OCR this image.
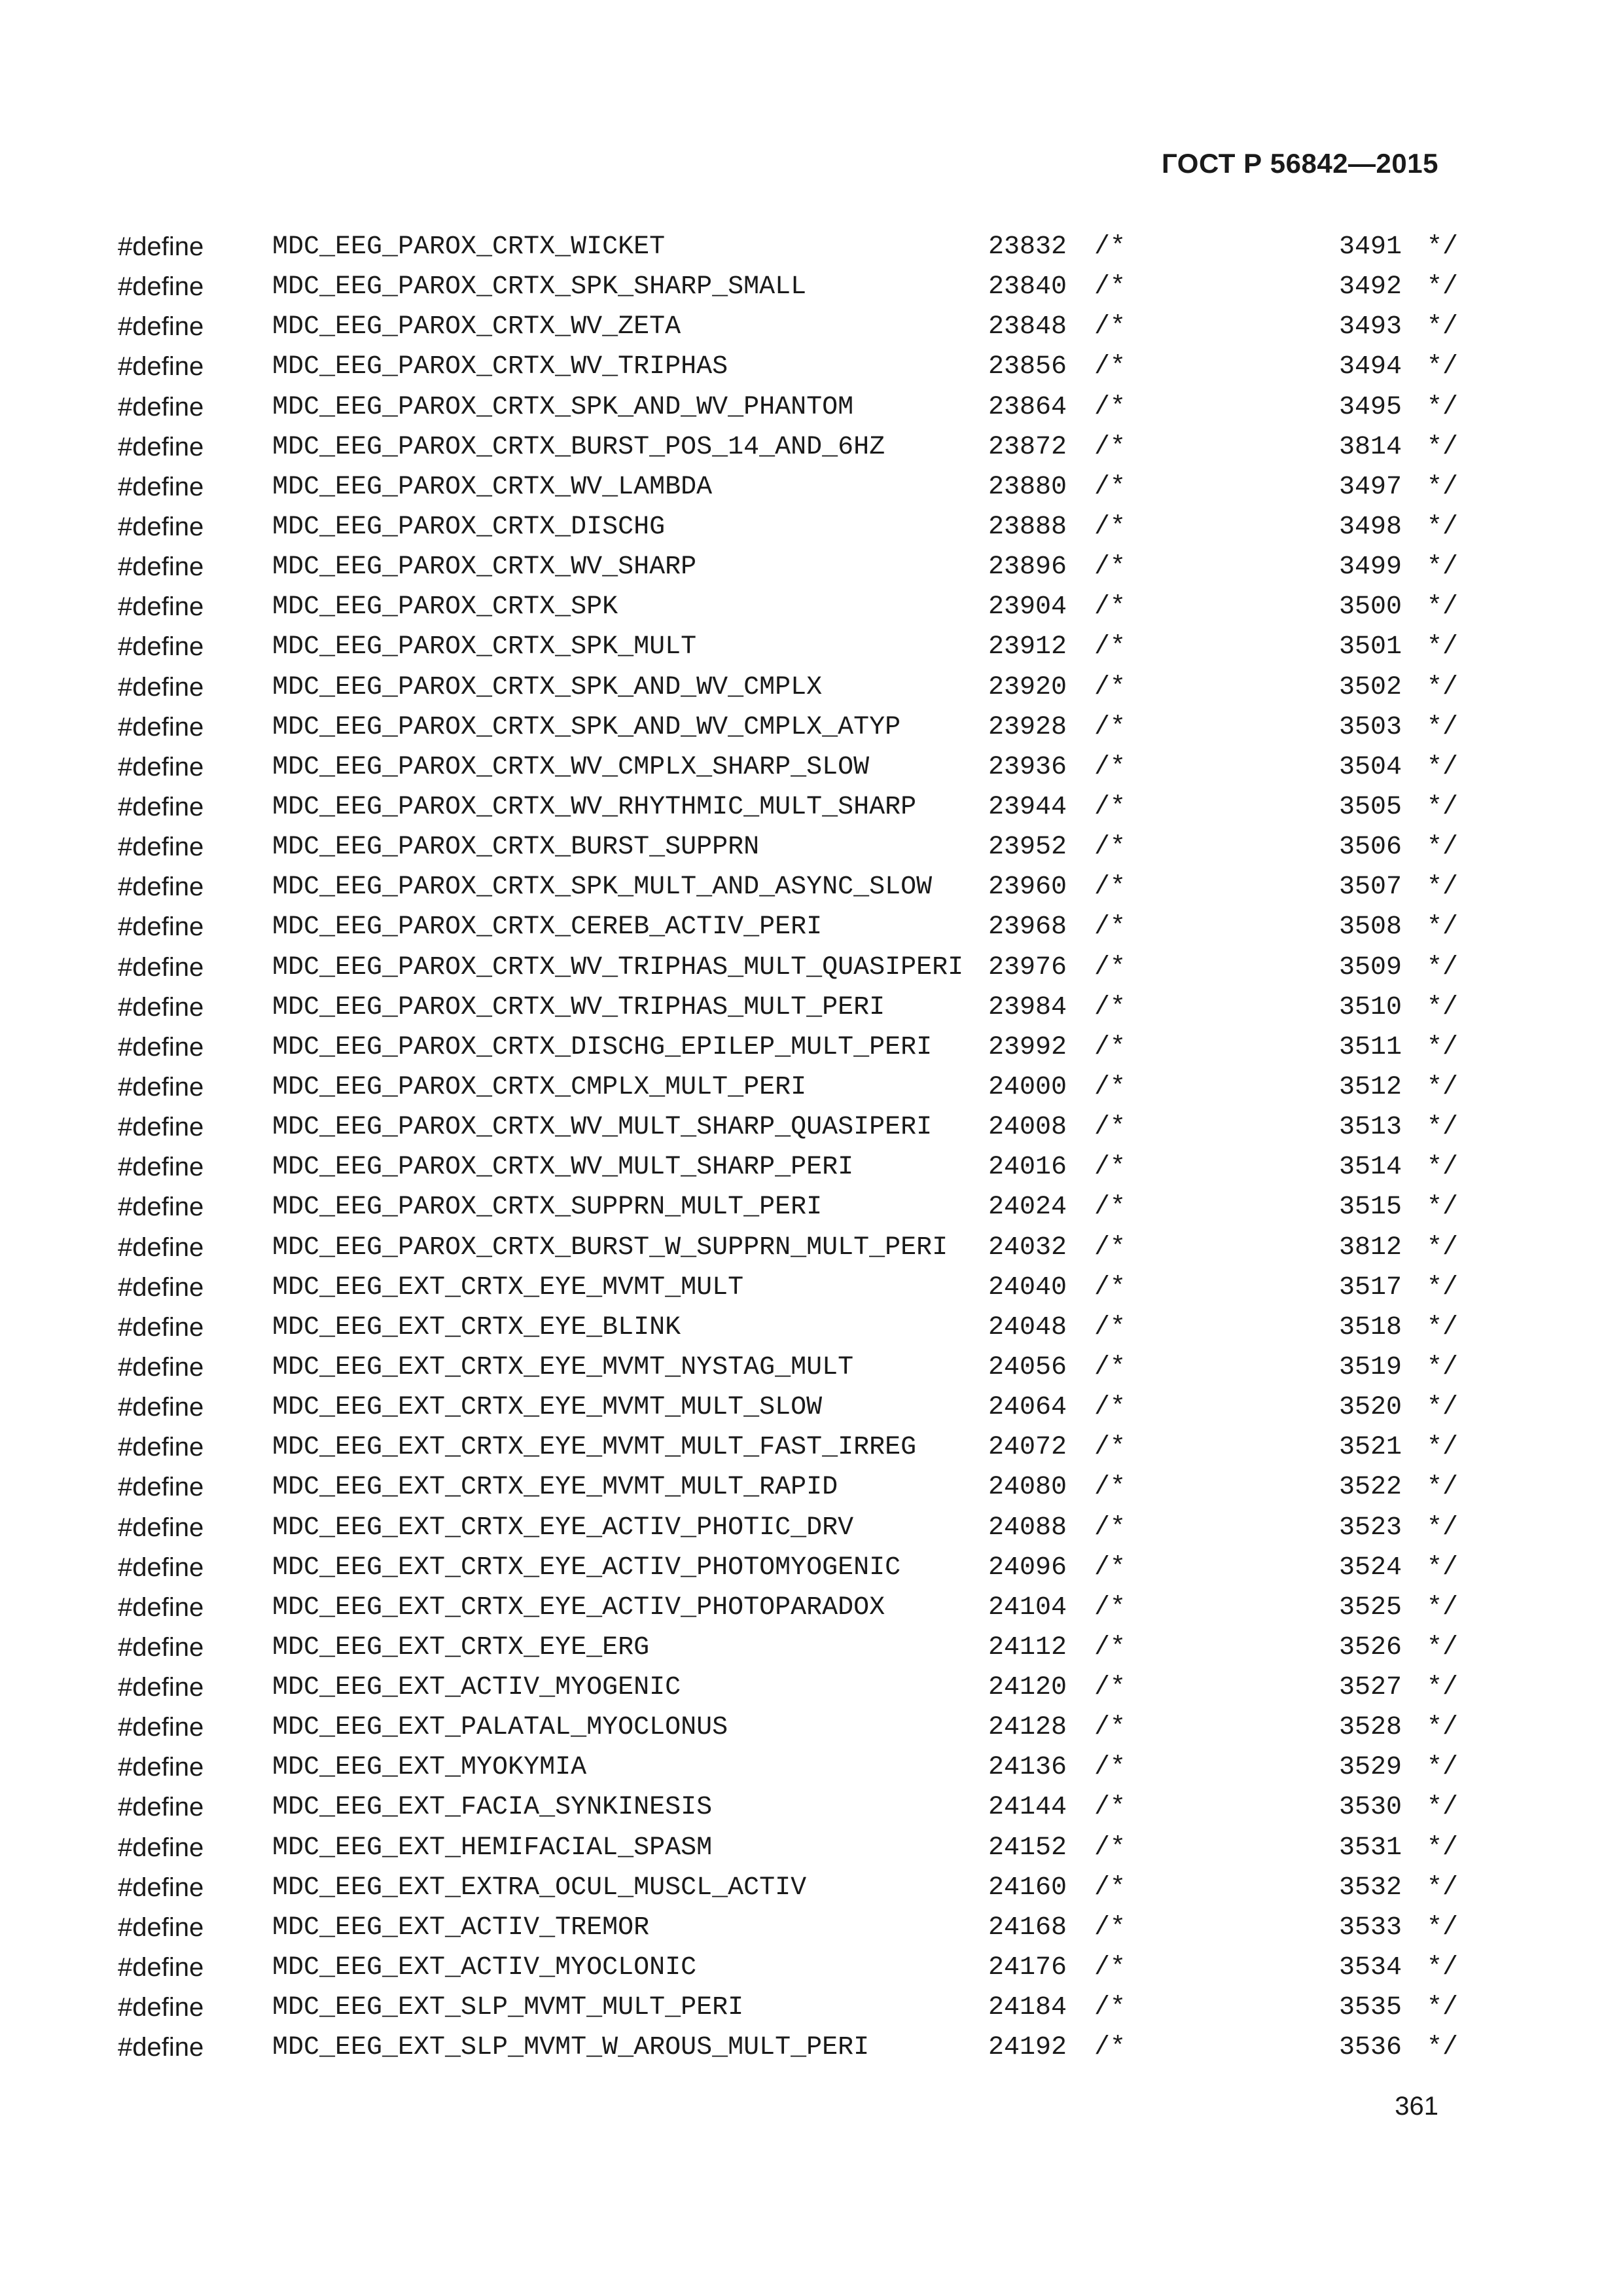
ГОСТ Р 56842—2015
#define	MDC_EEG_PAROX_CRTX_WICKET	23832 /*	3491 */
#define	MDC_EEG_PAROX_CRTX_SPK_SHARP_SMALL	23840 /*	3492 */
#define	MDC_EEG_PAROX_CRTX_WV_ZETA	23848 /*	3493 */
#define	MDC_EEG_PAROX_CRTX_WV_TRIPHAS	23856 /*	3494 */
#define	MDC_EEG_PAROX_CRTX_SPK_AND_WV_PHANTOM	23864 /*	3495 */
#define	MDC_EEG_PAROX_CRTX_BURST_POS_14_AND_6HZ	23872 /*	3814 */
#define	MDC_EEG_PAROX_CRTX_WV_LAMBDA	23880 /*	3497 */
#define	MDC_EEG_PAROX_CRTX_DISCHG	23888 /*	3498 */
#define	MDC_EEG_PAROX_CRTX_WV_SHARP	23896 /*	3499 */
#define	MDC_EEG_PAROX_CRTX_SPK	23904 /*	3500 */
#define	MDC_EEG_PAROX_CRTX_SPK_MULT	23912 /*	3501 */
#define	MDC_EEG_PAROX_CRTX_SPK_AND_WV_CMPLX	23920 /*	3502 */
#define	MDC_EEG_PAROX_CRTX_SPK_AND_WV_CMPLX_ATYP	23928 /*	3503 */
#define	MDC_EEG_PAROX_CRTX_WV_CMPLX_SHARP_SLOW	23936 /*	3504 */
#define	MDC_EEG_PAROX_CRTX_WV_RHYTHMIC_MULT_SHARP	23944 /*	3505 */
#define	MDC_EEG_PAROX_CRTX_BURST_SUPPRN	23952 /*	3506 */
#define	MDC_EEG_PAROX_CRTX_SPK_MULT_AND_ASYNC_SLOW 23960 /*	3507 */
#define	MDC_EEG_PAROX_CRTX_CEREB_ACTIV_PERI	23968 /*	3508 */
#define	MDC_EEG_PAROX_CRTX_WV_TRIPHAS_MULT_QUASIPERI 23976 /*	3509 */
#define	MDC_EEG_PAROX_CRTX_WV_TRIPHAS_MULT_PERI	23984 /*	3510 */
#define	MDC_EEG_PAROX_CRTX_DISCHG_EPILEP_MULT_PERI 23992 /*	3511 */
#define	MDC_EEG_PAROX_CRTX_CMPLX_MULT_PERI	24000 /*	3512 */
#define	MDC_EEG_PAROX_CRTX_WV_MULT_SHARP_QUASIPERI 24008 /*	3513 */
#define	MDC_EEG_PAROX_CRTX_WV_MULT_SHARP_PERI	24016 /*	3514 */
#define	MDC_EEG_PAROX_CRTX_SUPPRN_MULT_PERI	24024 /*	3515 */
#define	MDC_EEG_PAROX_CRTX_BURST_W_SUPPRN_MULT_PERI 24032 /*	3812 */
#define	MDC_EEG_EXT_CRTX_EYE_MVMT_MULT	24040 /*	3517 */
#define	MDC_EEG_EXT_CRTX_EYE_BLINK	24048 /*	3518 */
#define	MDC_EEG_EXT_CRTX_EYE_MVMT_NYSTAG_MULT	24056 /*	3519 */
#define	MDC_EEG_EXT_CRTX_EYE_MVMT_MULT_SLOW	24064 /*	3520 */
#define	MDC_EEG_EXT_CRTX_EYE_MVMT_MULT_FAST_IRREG	24072 /*	3521 */
#define	MDC_EEG_EXT_CRTX_EYE_MVMT_MULT_RAPID	24080 /*	3522 */
#define	MDC_EEG_EXT_CRTX_EYE_ACTIV_PHOTIC_DRV	24088 /*	3523 */
#define	MDC_EEG_EXT_CRTX_EYE_ACTIV_PHOTOMYOGENIC	24096 /*	3524 */
#define	MDC_EEG_EXT_CRTX_EYE_ACTIV_PHOTOPARADOX	24104 /*	3525 */
#define	MDC_EEG_EXT_CRTX_EYE_ERG	24112 /*	3526 */
#define	MDC_EEG_EXT_ACTIV_MYOGENIC	24120 /*	3527 */
#define	MDC_EEG_EXT_PALATAL_MYOCLONUS	24128 /*	3528 */
#define	MDC_EEG_EXT_MYOKYMIA	24136 /*	3529 */
#define	MDC_EEG_EXT_FACIA_SYNKINESIS	24144 /*	3530 */
#define	MDC_EEG_EXT_HEMIFACIAL_SPASM	24152 /*	3531 */
#define	MDC_EEG_EXT_EXTRA_OCUL_MUSCL_ACTIV	24160 /*	3532 */
#define	MDC_EEG_EXT_ACTIV_TREMOR	24168 /*	3533 */
#define	MDC_EEG_EXT_ACTIV_MYOCLONIC	24176 /*	3534 */
#define	MDC_EEG_EXT_SLP_MVMT_MULT_PERI	24184 /*	3535 */
#define	MDC_EEG_EXT_SLP_MVMT_W_AROUS_MULT_PERI	24192 /*	3536 */
361
